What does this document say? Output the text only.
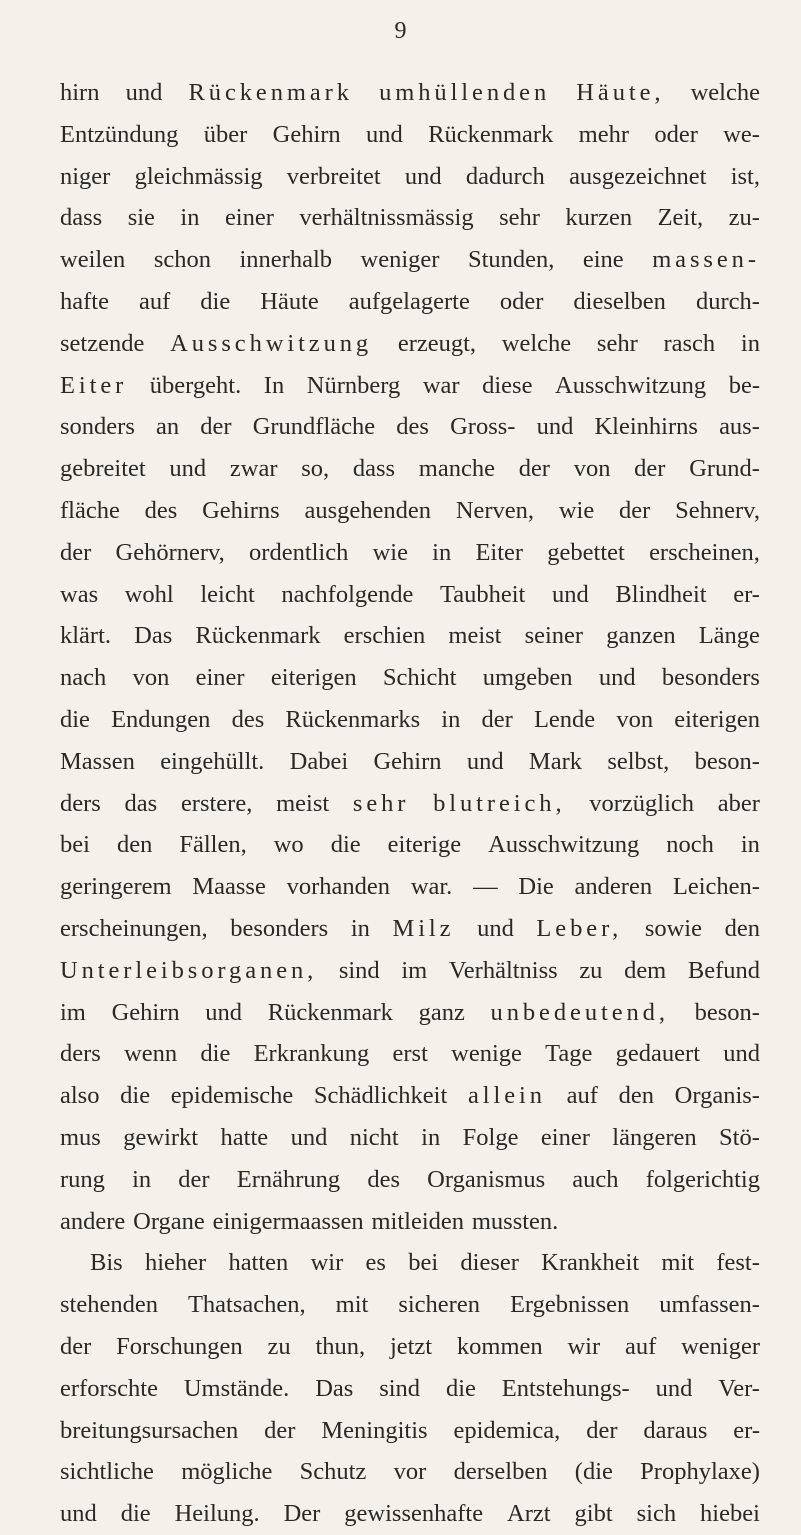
9
hirn und Rückenmark umhüllenden Häute, welche
Entzündung über Gehirn und Rückenmark mehr oder we-
niger gleichmässig verbreitet und dadurch ausgezeichnet ist,
dass sie in einer verhältnissmässig sehr kurzen Zeit, zu-
weilen schon innerhalb weniger Stunden, eine massen-
hafte auf die Häute aufgelagerte oder dieselben durch-
setzende Ausschwitzung erzeugt, welche sehr rasch in
Eiter übergeht. In Nürnberg war diese Ausschwitzung be-
sonders an der Grundfläche des Gross- und Kleinhirns aus-
gebreitet und zwar so, dass manche der von der Grund-
fläche des Gehirns ausgehenden Nerven, wie der Sehnerv,
der Gehörnerv, ordentlich wie in Eiter gebettet erscheinen,
was wohl leicht nachfolgende Taubheit und Blindheit er-
klärt. Das Rückenmark erschien meist seiner ganzen Länge
nach von einer eiterigen Schicht umgeben und besonders
die Endungen des Rückenmarks in der Lende von eiterigen
Massen eingehüllt. Dabei Gehirn und Mark selbst, beson-
ders das erstere, meist sehr blutreich, vorzüglich aber
bei den Fällen, wo die eiterige Ausschwitzung noch in
geringerem Maasse vorhanden war. — Die anderen Leichen-
erscheinungen, besonders in Milz und Leber, sowie den
Unterleibsorganen, sind im Verhältniss zu dem Befund
im Gehirn und Rückenmark ganz unbedeutend, beson-
ders wenn die Erkrankung erst wenige Tage gedauert und
also die epidemische Schädlichkeit allein auf den Organis-
mus gewirkt hatte und nicht in Folge einer längeren Stö-
rung in der Ernährung des Organismus auch folgerichtig
andere Organe einigermaassen mitleiden mussten.
Bis hieher hatten wir es bei dieser Krankheit mit fest-
stehenden Thatsachen, mit sicheren Ergebnissen umfassen-
der Forschungen zu thun, jetzt kommen wir auf weniger
erforschte Umstände. Das sind die Entstehungs- und Ver-
breitungsursachen der Meningitis epidemica, der daraus er-
sichtliche mögliche Schutz vor derselben (die Prophylaxe)
und die Heilung. Der gewissenhafte Arzt gibt sich hiebei
